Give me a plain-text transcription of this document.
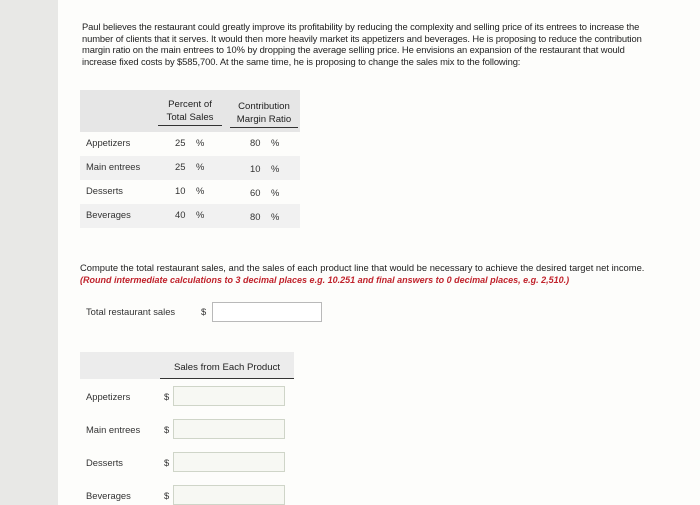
Paul believes the restaurant could greatly improve its profitability by reducing the complexity and selling price of its entrees to increase the number of clients that it serves. It would then more heavily market its appetizers and beverages. He is proposing to reduce the contribution margin ratio on the main entrees to 10% by dropping the average selling price. He envisions an expansion of the restaurant that would increase fixed costs by $585,700. At the same time, he is proposing to change the sales mix to the following:

Percent of Total Sales
Contribution Margin Ratio
Appetizers	25 %	80 %
Main entrees	25 %	10 %
Desserts	10 %	60 %
Beverages	40 %	80 %

Compute the total restaurant sales, and the sales of each product line that would be necessary to achieve the desired target net income. (Round intermediate calculations to 3 decimal places e.g. 10.251 and final answers to 0 decimal places, e.g. 2,510.)

Total restaurant sales	$
Sales from Each Product
Appetizers	$
Main entrees	$
Desserts	$
Beverages	$
